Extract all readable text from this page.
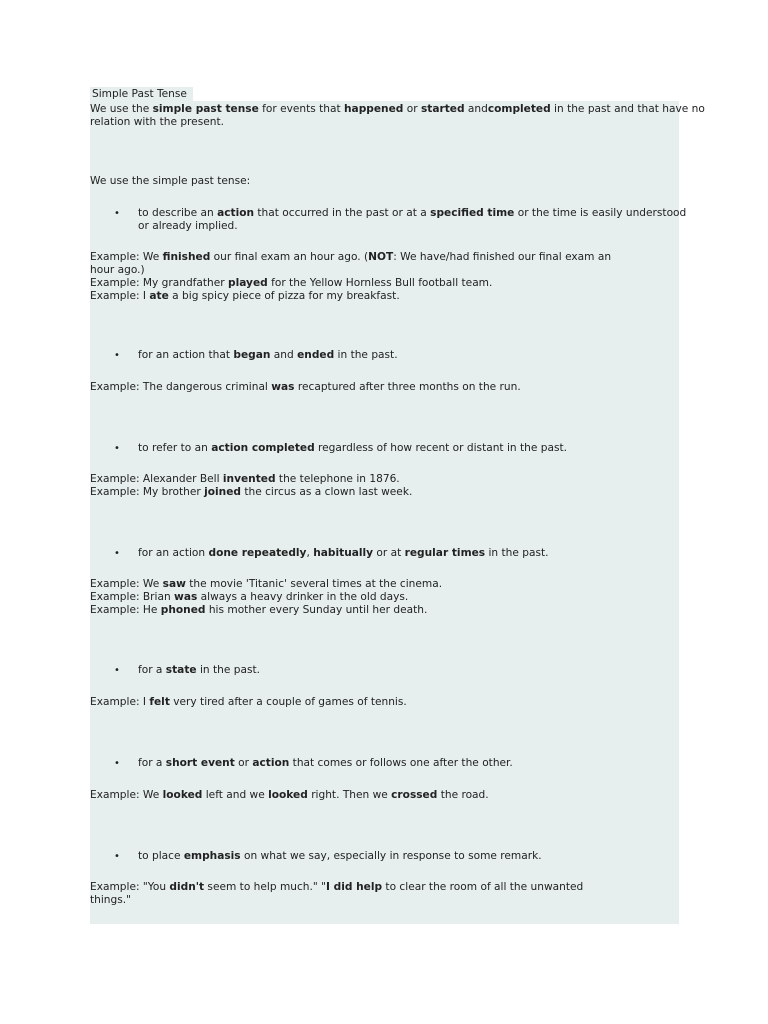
Simple Past Tense
We use the simple past tense for events that happened or started andcompleted in the past and that have no
relation with the present.
We use the simple past tense:
• to describe an action that occurred in the past or at a specified time or the time is easily understood
or already implied.
Example: We finished our final exam an hour ago. (NOT: We have/had finished our final exam an
hour ago.)
Example: My grandfather played for the Yellow Hornless Bull football team.
Example: I ate a big spicy piece of pizza for my breakfast.
• for an action that began and ended in the past.
Example: The dangerous criminal was recaptured after three months on the run.
• to refer to an action completed regardless of how recent or distant in the past.
Example: Alexander Bell invented the telephone in 1876.
Example: My brother joined the circus as a clown last week.
• for an action done repeatedly, habitually or at regular times in the past.
Example: We saw the movie 'Titanic' several times at the cinema.
Example: Brian was always a heavy drinker in the old days.
Example: He phoned his mother every Sunday until her death.
• for a state in the past.
Example: I felt very tired after a couple of games of tennis.
• for a short event or action that comes or follows one after the other.
Example: We looked left and we looked right. Then we crossed the road.
• to place emphasis on what we say, especially in response to some remark.
Example: "You didn't seem to help much." "I did help to clear the room of all the unwanted
things."
